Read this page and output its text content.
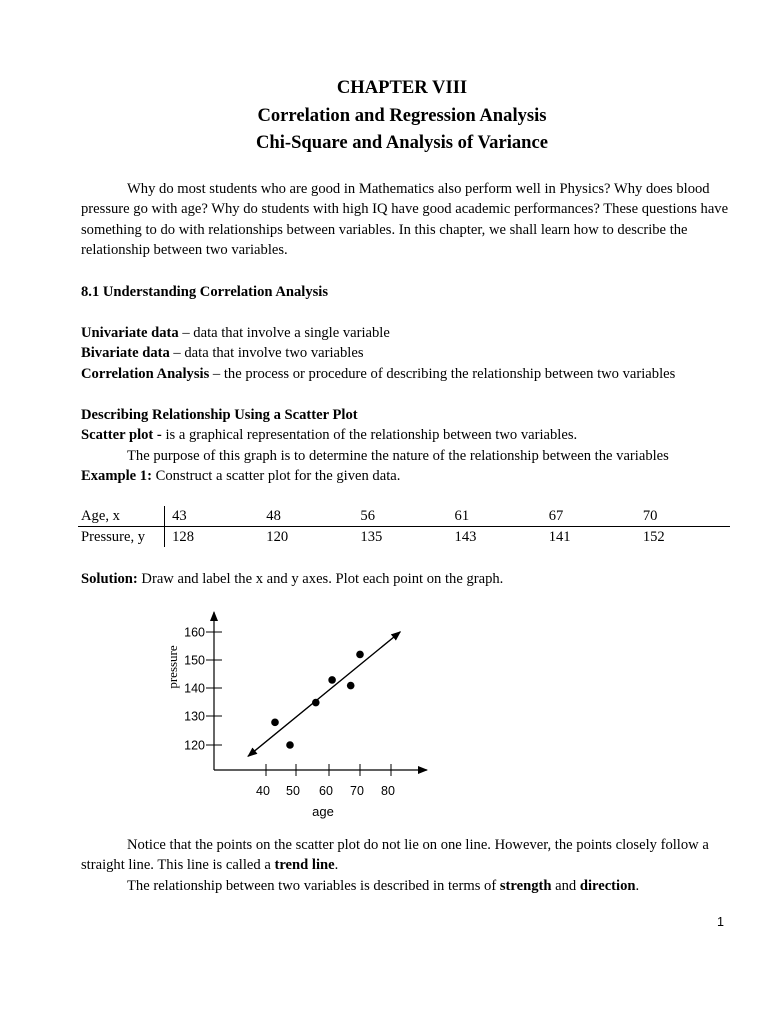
CHAPTER VIII
Correlation and Regression Analysis
Chi-Square and Analysis of Variance
Why do most students who are good in Mathematics also perform well in Physics? Why does blood pressure go with age? Why do students with high IQ have good academic performances? These questions have something to do with relationships between variables. In this chapter, we shall learn how to describe the relationship between two variables.
8.1 Understanding Correlation Analysis
Univariate data – data that involve a single variable
Bivariate data – data that involve two variables
Correlation Analysis – the process or procedure of describing the relationship between two variables
Describing Relationship Using a Scatter Plot
Scatter plot - is a graphical representation of the relationship between two variables.
The purpose of this graph is to determine the nature of the relationship between the variables
Example 1: Construct a scatter plot for the given data.
Age, x	43	48	56	61	67	70
Pressure, y	128	120	135	143	141	152
Solution: Draw and label the x and y axes. Plot each point on the graph.
40 50 60 70 80
120
130
140
150
160
age
pressure
Notice that the points on the scatter plot do not lie on one line. However, the points closely follow a straight line. This line is called a trend line.
The relationship between two variables is described in terms of strength and direction.
1
